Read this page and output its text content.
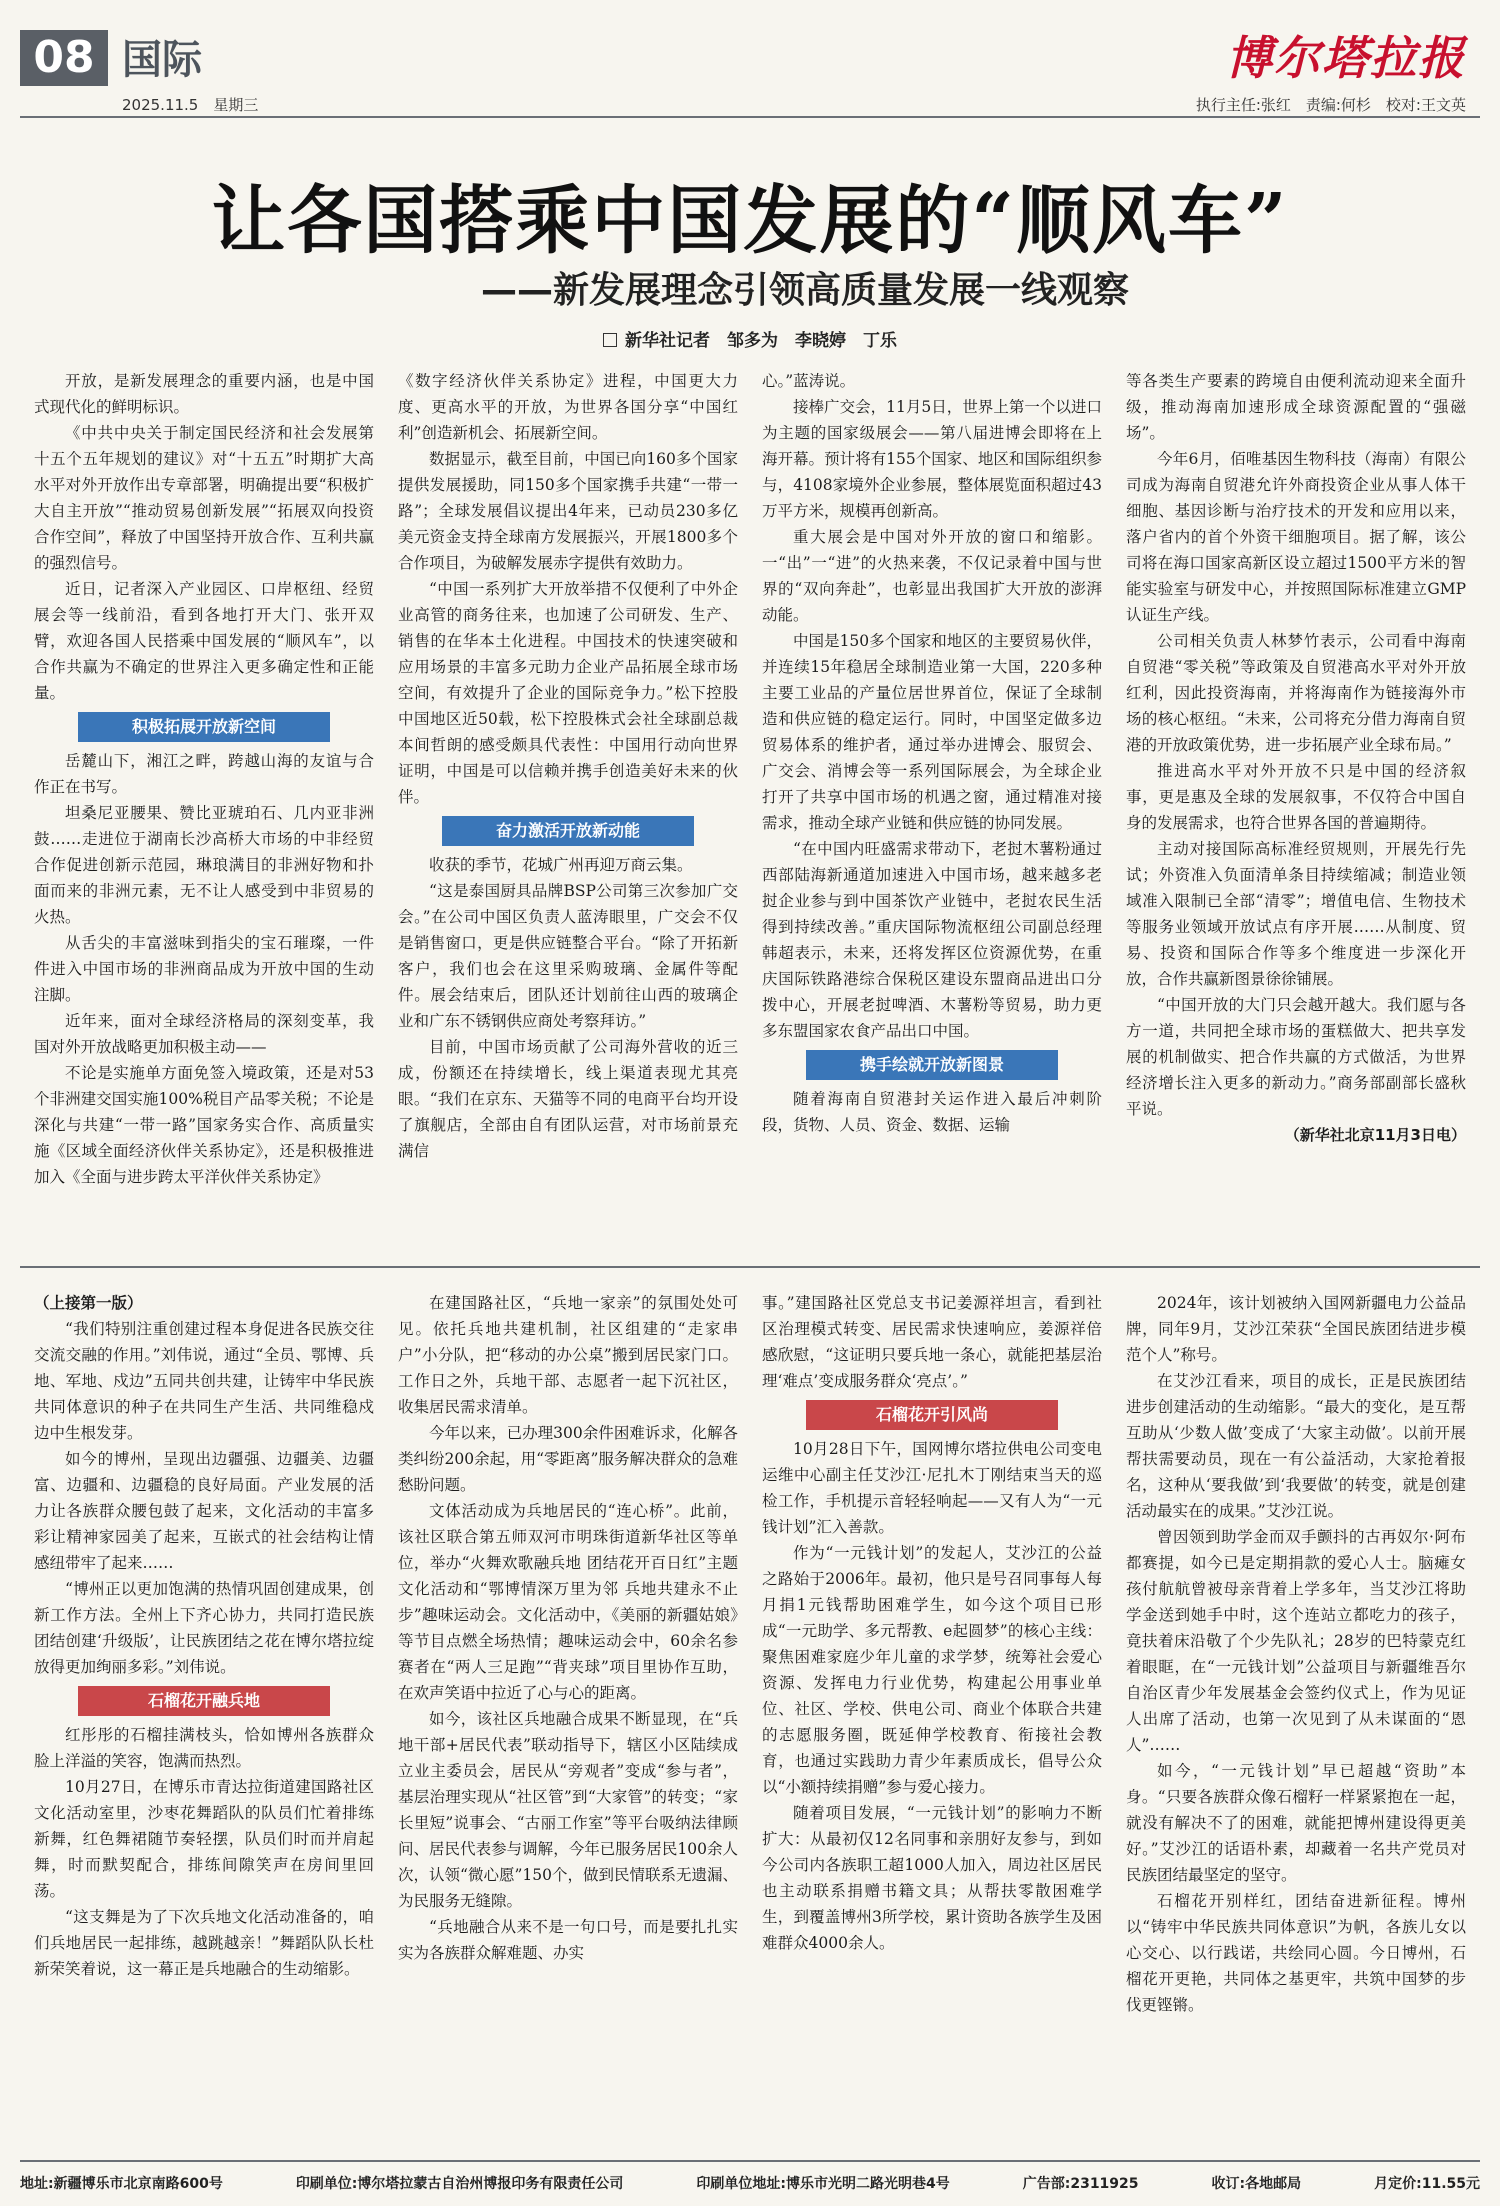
08 国际
2025.11.5　星期三
博尔塔拉报
执行主任:张红　责编:何杉　校对:王文英
让各国搭乘中国发展的“顺风车”
——新发展理念引领高质量发展一线观察
新华社记者　邹多为　李晓婷　丁乐

开放，是新发展理念的重要内涵，也是中国式现代化的鲜明标识。

《中共中央关于制定国民经济和社会发展第十五个五年规划的建议》对“十五五”时期扩大高水平对外开放作出专章部署，明确提出要“积极扩大自主开放”“推动贸易创新发展”“拓展双向投资合作空间”，释放了中国坚持开放合作、互利共赢的强烈信号。

近日，记者深入产业园区、口岸枢纽、经贸展会等一线前沿，看到各地打开大门、张开双臂，欢迎各国人民搭乘中国发展的“顺风车”，以合作共赢为不确定的世界注入更多确定性和正能量。

积极拓展开放新空间

岳麓山下，湘江之畔，跨越山海的友谊与合作正在书写。

坦桑尼亚腰果、赞比亚琥珀石、几内亚非洲鼓……走进位于湖南长沙高桥大市场的中非经贸合作促进创新示范园，琳琅满目的非洲好物和扑面而来的非洲元素，无不让人感受到中非贸易的火热。

从舌尖的丰富滋味到指尖的宝石璀璨，一件件进入中国市场的非洲商品成为开放中国的生动注脚。

近年来，面对全球经济格局的深刻变革，我国对外开放战略更加积极主动——

不论是实施单方面免签入境政策，还是对53个非洲建交国实施100%税目产品零关税；不论是深化与共建“一带一路”国家务实合作、高质量实施《区域全面经济伙伴关系协定》，还是积极推进加入《全面与进步跨太平洋伙伴关系协定》

《数字经济伙伴关系协定》进程，中国更大力度、更高水平的开放，为世界各国分享“中国红利”创造新机会、拓展新空间。

数据显示，截至目前，中国已向160多个国家提供发展援助，同150多个国家携手共建“一带一路”；全球发展倡议提出4年来，已动员230多亿美元资金支持全球南方发展振兴，开展1800多个合作项目，为破解发展赤字提供有效助力。

“中国一系列扩大开放举措不仅便利了中外企业高管的商务往来，也加速了公司研发、生产、销售的在华本土化进程。中国技术的快速突破和应用场景的丰富多元助力企业产品拓展全球市场空间，有效提升了企业的国际竞争力。”松下控股中国地区近50载，松下控股株式会社全球副总裁本间哲朗的感受颇具代表性：中国用行动向世界证明，中国是可以信赖并携手创造美好未来的伙伴。

奋力激活开放新动能

收获的季节，花城广州再迎万商云集。

“这是泰国厨具品牌BSP公司第三次参加广交会。”在公司中国区负责人蓝涛眼里，广交会不仅是销售窗口，更是供应链整合平台。“除了开拓新客户，我们也会在这里采购玻璃、金属件等配件。展会结束后，团队还计划前往山西的玻璃企业和广东不锈钢供应商处考察拜访。”

目前，中国市场贡献了公司海外营收的近三成，份额还在持续增长，线上渠道表现尤其亮眼。“我们在京东、天猫等不同的电商平台均开设了旗舰店，全部由自有团队运营，对市场前景充满信

心。”蓝涛说。

接棒广交会，11月5日，世界上第一个以进口为主题的国家级展会——第八届进博会即将在上海开幕。预计将有155个国家、地区和国际组织参与，4108家境外企业参展，整体展览面积超过43万平方米，规模再创新高。

重大展会是中国对外开放的窗口和缩影。一“出”一“进”的火热来袭，不仅记录着中国与世界的“双向奔赴”，也彰显出我国扩大开放的澎湃动能。

中国是150多个国家和地区的主要贸易伙伴，并连续15年稳居全球制造业第一大国，220多种主要工业品的产量位居世界首位，保证了全球制造和供应链的稳定运行。同时，中国坚定做多边贸易体系的维护者，通过举办进博会、服贸会、广交会、消博会等一系列国际展会，为全球企业打开了共享中国市场的机遇之窗，通过精准对接需求，推动全球产业链和供应链的协同发展。

“在中国内旺盛需求带动下，老挝木薯粉通过西部陆海新通道加速进入中国市场，越来越多老挝企业参与到中国茶饮产业链中，老挝农民生活得到持续改善。”重庆国际物流枢纽公司副总经理韩超表示，未来，还将发挥区位资源优势，在重庆国际铁路港综合保税区建设东盟商品进出口分拨中心，开展老挝啤酒、木薯粉等贸易，助力更多东盟国家农食产品出口中国。

携手绘就开放新图景

随着海南自贸港封关运作进入最后冲刺阶段，货物、人员、资金、数据、运输

等各类生产要素的跨境自由便利流动迎来全面升级，推动海南加速形成全球资源配置的“强磁场”。

今年6月，佰唯基因生物科技（海南）有限公司成为海南自贸港允许外商投资企业从事人体干细胞、基因诊断与治疗技术的开发和应用以来，落户省内的首个外资干细胞项目。据了解，该公司将在海口国家高新区设立超过1500平方米的智能实验室与研发中心，并按照国际标准建立GMP认证生产线。

公司相关负责人林梦竹表示，公司看中海南自贸港“零关税”等政策及自贸港高水平对外开放红利，因此投资海南，并将海南作为链接海外市场的核心枢纽。“未来，公司将充分借力海南自贸港的开放政策优势，进一步拓展产业全球布局。”

推进高水平对外开放不只是中国的经济叙事，更是惠及全球的发展叙事，不仅符合中国自身的发展需求，也符合世界各国的普遍期待。

主动对接国际高标准经贸规则，开展先行先试；外资准入负面清单条目持续缩减；制造业领域准入限制已全部“清零”；增值电信、生物技术等服务业领域开放试点有序开展……从制度、贸易、投资和国际合作等多个维度进一步深化开放，合作共赢新图景徐徐铺展。

“中国开放的大门只会越开越大。我们愿与各方一道，共同把全球市场的蛋糕做大、把共享发展的机制做实、把合作共赢的方式做活，为世界经济增长注入更多的新动力。”商务部副部长盛秋平说。

（新华社北京11月3日电）

（上接第一版）

“我们特别注重创建过程本身促进各民族交往交流交融的作用。”刘伟说，通过“全员、鄂博、兵地、军地、戍边”五同共创共建，让铸牢中华民族共同体意识的种子在共同生产生活、共同维稳戍边中生根发芽。

如今的博州，呈现出边疆强、边疆美、边疆富、边疆和、边疆稳的良好局面。产业发展的活力让各族群众腰包鼓了起来，文化活动的丰富多彩让精神家园美了起来，互嵌式的社会结构让情感纽带牢了起来……

“博州正以更加饱满的热情巩固创建成果，创新工作方法。全州上下齐心协力，共同打造民族团结创建‘升级版’，让民族团结之花在博尔塔拉绽放得更加绚丽多彩。”刘伟说。

石榴花开融兵地

红彤彤的石榴挂满枝头，恰如博州各族群众脸上洋溢的笑容，饱满而热烈。

10月27日，在博乐市青达拉街道建国路社区文化活动室里，沙枣花舞蹈队的队员们忙着排练新舞，红色舞裙随节奏轻摆，队员们时而并肩起舞，时而默契配合，排练间隙笑声在房间里回荡。

“这支舞是为了下次兵地文化活动准备的，咱们兵地居民一起排练，越跳越亲！”舞蹈队队长杜新荣笑着说，这一幕正是兵地融合的生动缩影。

在建国路社区，“兵地一家亲”的氛围处处可见。依托兵地共建机制，社区组建的“走家串户”小分队，把“移动的办公桌”搬到居民家门口。工作日之外，兵地干部、志愿者一起下沉社区，收集居民需求清单。

今年以来，已办理300余件困难诉求，化解各类纠纷200余起，用“零距离”服务解决群众的急难愁盼问题。

文体活动成为兵地居民的“连心桥”。此前，该社区联合第五师双河市明珠街道新华社区等单位，举办“火舞欢歌融兵地 团结花开百日红”主题文化活动和“鄂博情深万里为邻 兵地共建永不止步”趣味运动会。文化活动中，《美丽的新疆姑娘》等节目点燃全场热情；趣味运动会中，60余名参赛者在“两人三足跑”“背夹球”项目里协作互助，在欢声笑语中拉近了心与心的距离。

如今，该社区兵地融合成果不断显现，在“兵地干部+居民代表”联动指导下，辖区小区陆续成立业主委员会，居民从“旁观者”变成“参与者”，基层治理实现从“社区管”到“大家管”的转变；“家长里短”说事会、“古丽工作室”等平台吸纳法律顾问、居民代表参与调解，今年已服务居民100余人次，认领“微心愿”150个，做到民情联系无遗漏、为民服务无缝隙。

“兵地融合从来不是一句口号，而是要扎扎实实为各族群众解难题、办实

事。”建国路社区党总支书记姜源祥坦言，看到社区治理模式转变、居民需求快速响应，姜源祥倍感欣慰，“这证明只要兵地一条心，就能把基层治理‘难点’变成服务群众‘亮点’。”

石榴花开引风尚

10月28日下午，国网博尔塔拉供电公司变电运维中心副主任艾沙江·尼扎木丁刚结束当天的巡检工作，手机提示音轻轻响起——又有人为“一元钱计划”汇入善款。

作为“一元钱计划”的发起人，艾沙江的公益之路始于2006年。最初，他只是号召同事每人每月捐1元钱帮助困难学生，如今这个项目已形成“一元助学、多元帮教、e起圆梦”的核心主线：聚焦困难家庭少年儿童的求学梦，统筹社会爱心资源、发挥电力行业优势，构建起公用事业单位、社区、学校、供电公司、商业个体联合共建的志愿服务圈，既延伸学校教育、衔接社会教育，也通过实践助力青少年素质成长，倡导公众以“小额持续捐赠”参与爱心接力。

随着项目发展，“一元钱计划”的影响力不断扩大：从最初仅12名同事和亲朋好友参与，到如今公司内各族职工超1000人加入，周边社区居民也主动联系捐赠书籍文具；从帮扶零散困难学生，到覆盖博州3所学校，累计资助各族学生及困难群众4000余人。

2024年，该计划被纳入国网新疆电力公益品牌，同年9月，艾沙江荣获“全国民族团结进步模范个人”称号。

在艾沙江看来，项目的成长，正是民族团结进步创建活动的生动缩影。“最大的变化，是互帮互助从‘少数人做’变成了‘大家主动做’。以前开展帮扶需要动员，现在一有公益活动，大家抢着报名，这种从‘要我做’到‘我要做’的转变，就是创建活动最实在的成果。”艾沙江说。

曾因领到助学金而双手颤抖的古再奴尔·阿布都赛提，如今已是定期捐款的爱心人士。脑瘫女孩付航航曾被母亲背着上学多年，当艾沙江将助学金送到她手中时，这个连站立都吃力的孩子，竟扶着床沿敬了个少先队礼；28岁的巴特蒙克红着眼眶，在“一元钱计划”公益项目与新疆维吾尔自治区青少年发展基金会签约仪式上，作为见证人出席了活动，也第一次见到了从未谋面的“恩人”……

如今，“一元钱计划”早已超越“资助”本身。“只要各族群众像石榴籽一样紧紧抱在一起，就没有解决不了的困难，就能把博州建设得更美好。”艾沙江的话语朴素，却藏着一名共产党员对民族团结最坚定的坚守。

石榴花开别样红，团结奋进新征程。博州以“铸牢中华民族共同体意识”为帆，各族儿女以心交心、以行践诺，共绘同心圆。今日博州，石榴花开更艳，共同体之基更牢，共筑中国梦的步伐更铿锵。

地址:新疆博乐市北京南路600号	印刷单位:博尔塔拉蒙古自治州博报印务有限责任公司	印刷单位地址:博乐市光明二路光明巷4号	广告部:2311925	收订:各地邮局	月定价:11.55元
